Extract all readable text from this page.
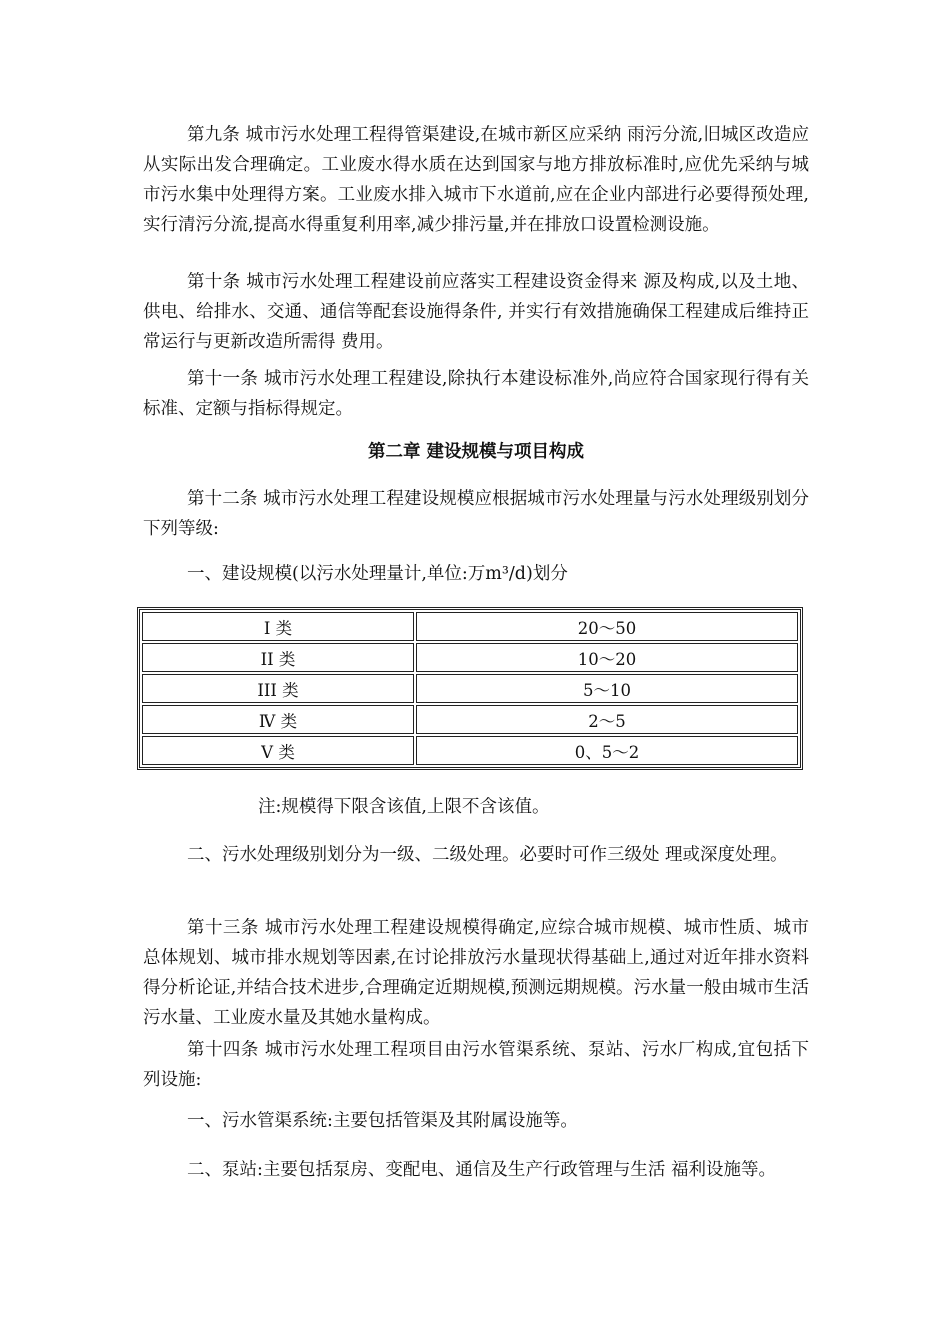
第九条 城市污水处理工程得管渠建设,在城市新区应采纳 雨污分流,旧城区改造应从实际出发合理确定。工业废水得水质在达到国家与地方排放标准时,应优先采纳与城市污水集中处理得方案。工业废水排入城市下水道前,应在企业内部进行必要得预处理,实行清污分流,提高水得重复利用率,减少排污量,并在排放口设置检测设施。

第十条 城市污水处理工程建设前应落实工程建设资金得来 源及构成,以及土地、供电、给排水、交通、通信等配套设施得条件, 并实行有效措施确保工程建成后维持正常运行与更新改造所需得 费用。

第十一条 城市污水处理工程建设,除执行本建设标准外,尚应符合国家现行得有关标准、定额与指标得规定。

第二章 建设规模与项目构成

第十二条 城市污水处理工程建设规模应根据城市污水处理量与污水处理级别划分下列等级:

一、建设规模(以污水处理量计,单位:万m³/d)划分

I 类	20～50
II 类	10～20
III 类	5～10
Ⅳ 类	2～5
V 类	0、5～2

注:规模得下限含该值,上限不含该值。

二、污水处理级别划分为一级、二级处理。必要时可作三级处 理或深度处理。

第十三条 城市污水处理工程建设规模得确定,应综合城市规模、城市性质、城市总体规划、城市排水规划等因素,在讨论排放污水量现状得基础上,通过对近年排水资料得分析论证,并结合技术进步,合理确定近期规模,预测远期规模。污水量一般由城市生活污水量、工业废水量及其她水量构成。

第十四条 城市污水处理工程项目由污水管渠系统、泵站、污水厂构成,宜包括下列设施:

一、污水管渠系统:主要包括管渠及其附属设施等。

二、泵站:主要包括泵房、变配电、通信及生产行政管理与生活 福利设施等。
